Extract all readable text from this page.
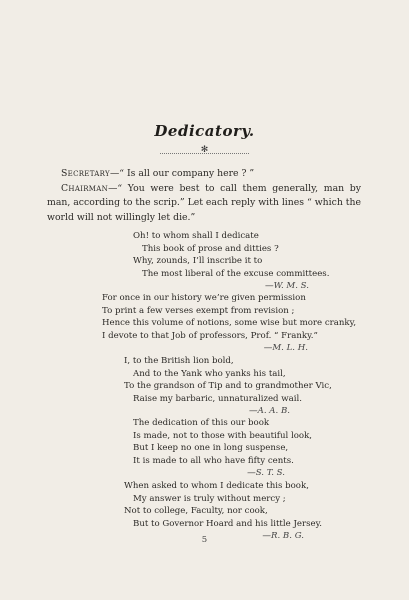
Dedicatory.
✻

Secretary—“ Is all our company here ? ”

Chairman—“ You were best to call them generally, man by man, according to the scrip.” Let each reply with lines “ which the world will not willingly let die.”

Oh! to whom shall I dedicate
This book of prose and ditties ?
Why, zounds, I’ll inscribe it to
The most liberal of the excuse committees.
—W. M. S.
For once in our history we’re given permission
To print a few verses exempt from revision ;
Hence this volume of notions, some wise but more cranky,
I devote to that Job of professors, Prof. “ Franky.”
—M. L. H.
I, to the British lion bold,
And to the Yank who yanks his tail,
To the grandson of Tip and to grandmother Vic,
Raise my barbaric, unnaturalized wail.
—A. A. B.
The dedication of this our book
Is made, not to those with beautiful look,
But I keep no one in long suspense,
It is made to all who have fifty cents.
—S. T. S.
When asked to whom I dedicate this book,
My answer is truly without mercy ;
Not to college, Faculty, nor cook,
But to Governor Hoard and his little Jersey.
—R. B. G.
5
